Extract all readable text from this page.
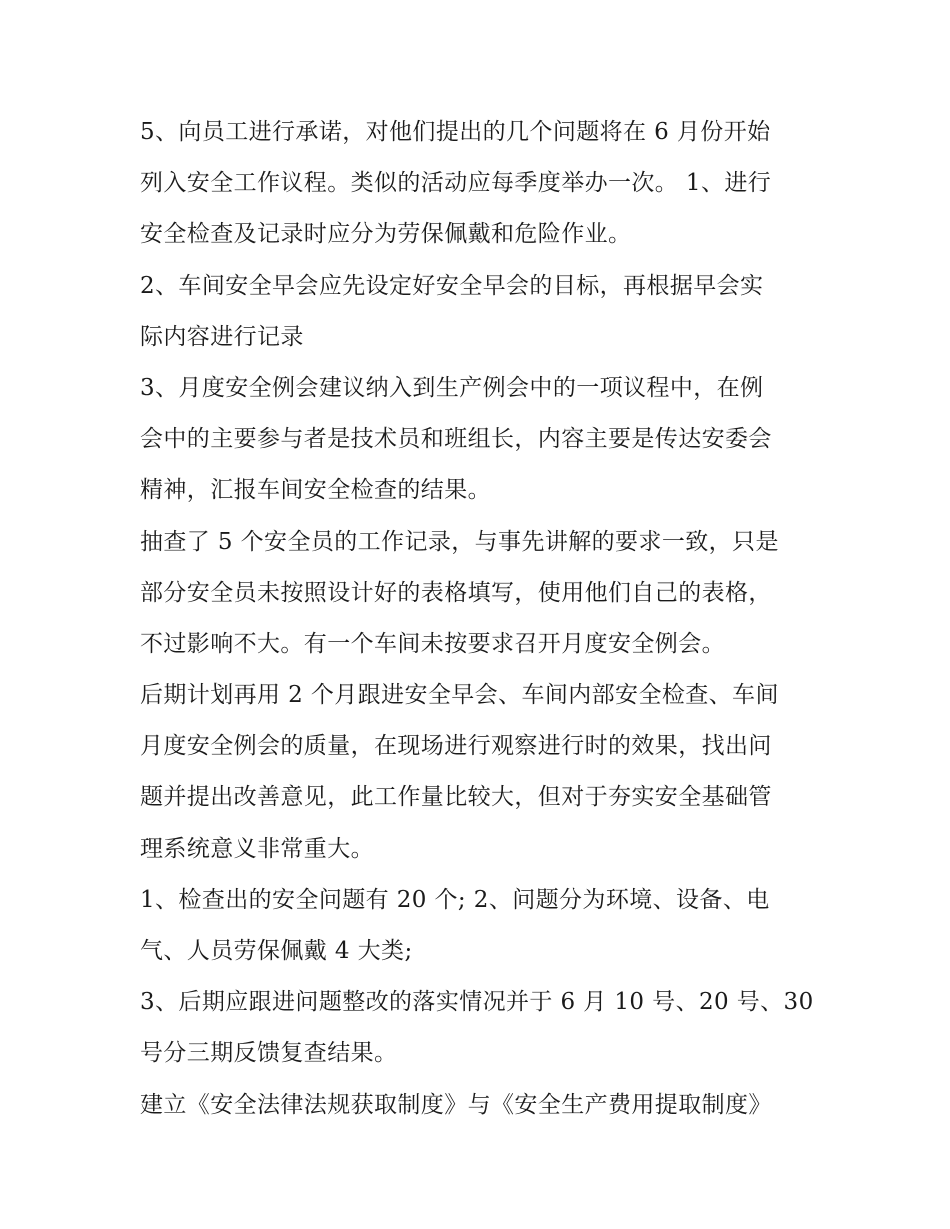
5、向员工进行承诺，对他们提出的几个问题将在 6 月份开始
列入安全工作议程。类似的活动应每季度举办一次。 1、进行
安全检查及记录时应分为劳保佩戴和危险作业。
2、车间安全早会应先设定好安全早会的目标，再根据早会实
际内容进行记录
3、月度安全例会建议纳入到生产例会中的一项议程中，在例
会中的主要参与者是技术员和班组长，内容主要是传达安委会
精神，汇报车间安全检查的结果。
抽查了 5 个安全员的工作记录，与事先讲解的要求一致，只是
部分安全员未按照设计好的表格填写，使用他们自己的表格，
不过影响不大。有一个车间未按要求召开月度安全例会。
后期计划再用 2 个月跟进安全早会、车间内部安全检查、车间
月度安全例会的质量，在现场进行观察进行时的效果，找出问
题并提出改善意见，此工作量比较大，但对于夯实安全基础管
理系统意义非常重大。
1、检查出的安全问题有 20 个; 2、问题分为环境、设备、电
气、人员劳保佩戴 4 大类;
3、后期应跟进问题整改的落实情况并于 6 月 10 号、20 号、30
号分三期反馈复查结果。
建立《安全法律法规获取制度》与《安全生产费用提取制度》
